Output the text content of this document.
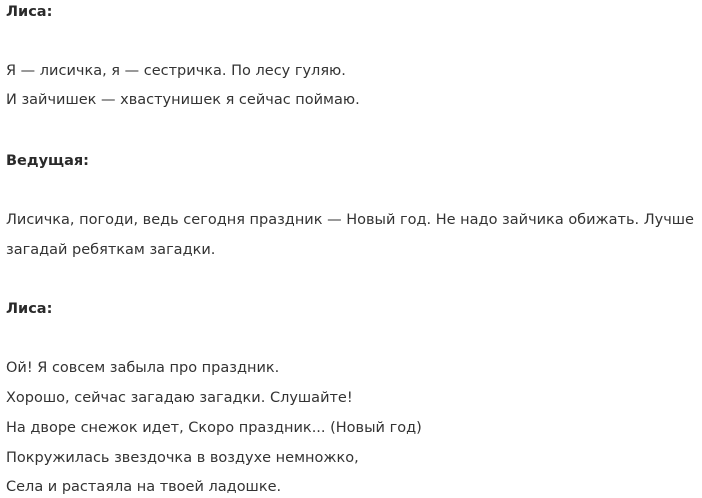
Лиса:
Я — лисичка, я — сестричка. По лесу гуляю.
И зайчишек — хвастунишек я сейчас поймаю.
Ведущая:
Лисичка, погоди, ведь сегодня праздник — Новый год. Не надо зайчика обижать. Лучше
загадай ребяткам загадки.
Лиса:
Ой! Я совсем забыла про праздник.
Хорошо, сейчас загадаю загадки. Слушайте!
На дворе снежок идет, Скоро праздник... (Новый год)
Покружилась звездочка в воздухе немножко,
Села и растаяла на твоей ладошке.
